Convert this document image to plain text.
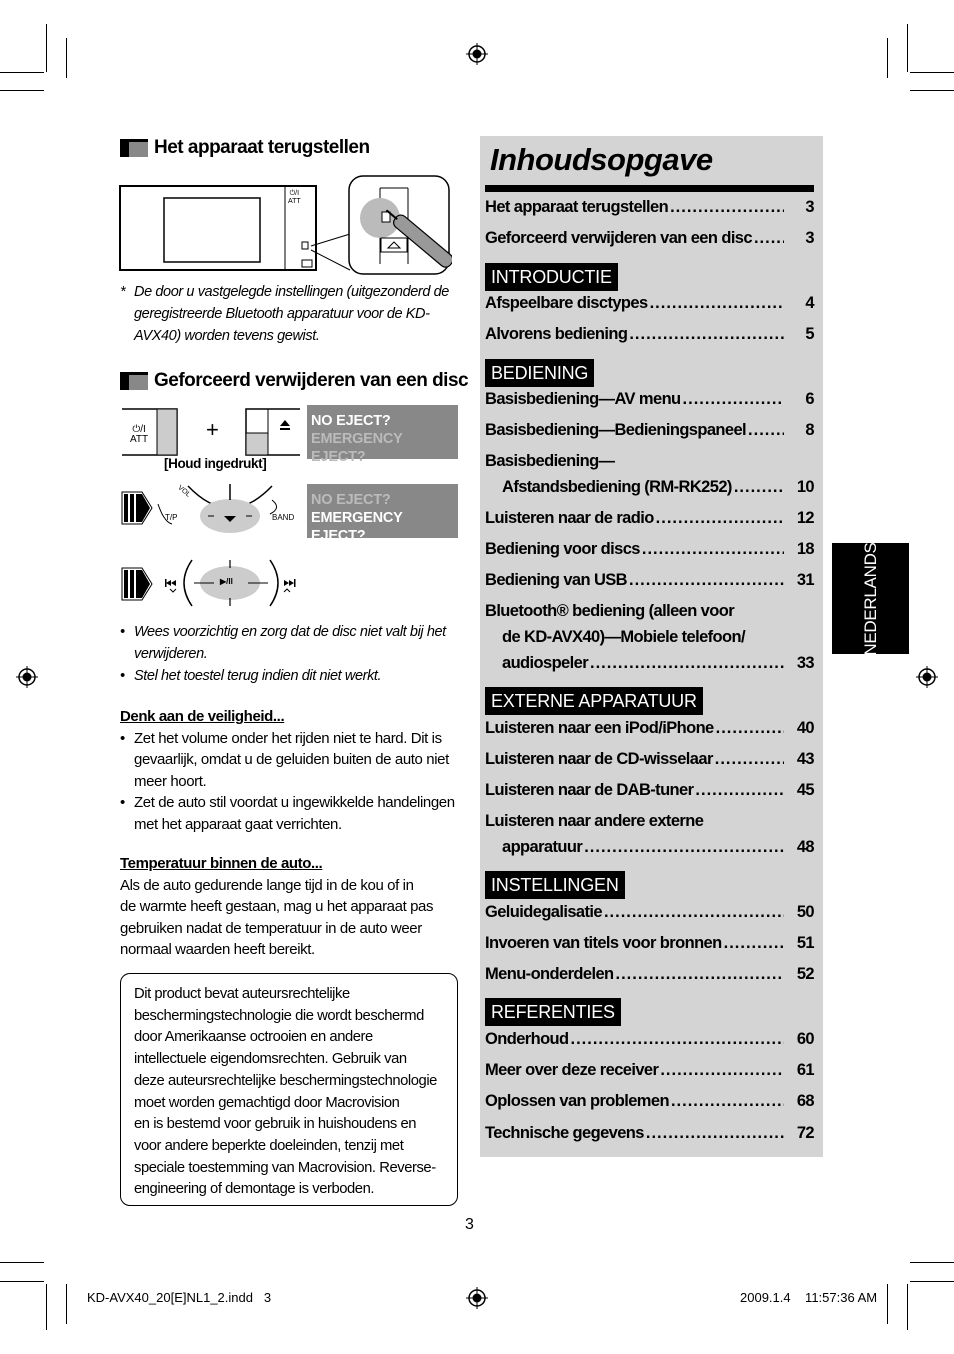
Het apparaat terugstellen
⏻/I
ATT
* De door u vastgelegde instellingen (uitgezonderd de geregistreerde Bluetooth apparatuur voor de KD-AVX40) worden tevens gewist.
Geforceerd verwijderen van een disc
⏻/I
ATT	+
[Houd ingedrukt]
NO EJECT?
EMERGENCY EJECT?
VOL
T/P	BAND
NO EJECT?
EMERGENCY EJECT?
▶/II
• Wees voorzichtig en zorg dat de disc niet valt bij het verwijderen.
• Stel het toestel terug indien dit niet werkt.
Denk aan de veiligheid...
• Zet het volume onder het rijden niet te hard. Dit is gevaarlijk, omdat u de geluiden buiten de auto niet meer hoort.
• Zet de auto stil voordat u ingewikkelde handelingen met het apparaat gaat verrichten.
Temperatuur binnen de auto...
Als de auto gedurende lange tijd in de kou of in
de warmte heeft gestaan, mag u het apparaat pas
gebruiken nadat de temperatuur in de auto weer
normaal waarden heeft bereikt.
Dit product bevat auteursrechtelijke
beschermingstechnologie die wordt beschermd
door Amerikaanse octrooien en andere
intellectuele eigendomsrechten. Gebruik van
deze auteursrechtelijke beschermingstechnologie
moet worden gemachtigd door Macrovision
en is bestemd voor gebruik in huishoudens en
voor andere beperkte doeleinden, tenzij met
speciale toestemming van Macrovision. Reverse-
engineering of demontage is verboden.
Inhoudsopgave
Het apparaat terugstellen .....	3
Geforceerd verwijderen van een disc .....	3
INTRODUCTIE
Afspeelbare disctypes .....	4
Alvorens bediening .....	5
BEDIENING
Basisbediening—AV menu .....	6
Basisbediening—Bedieningspaneel .....	8
Basisbediening—
Afstandsbediening (RM-RK252) .....	10
Luisteren naar de radio .....	12
Bediening voor discs .....	18
Bediening van USB .....	31
Bluetooth® bediening (alleen voor
de KD-AVX40)—Mobiele telefoon/
audiospeler .....	33
EXTERNE APPARATUUR
Luisteren naar een iPod/iPhone .....	40
Luisteren naar de CD-wisselaar .....	43
Luisteren naar de DAB-tuner .....	45
Luisteren naar andere externe
apparatuur .....	48
INSTELLINGEN
Geluidegalisatie .....	50
Invoeren van titels voor bronnen .....	51
Menu-onderdelen .....	52
REFERENTIES
Onderhoud .....	60
Meer over deze receiver .....	61
Oplossen van problemen .....	68
Technische gegevens .....	72
NEDERLANDS
3
KD-AVX40_20[E]NL1_2.indd   3	2009.1.4    11:57:36 AM
